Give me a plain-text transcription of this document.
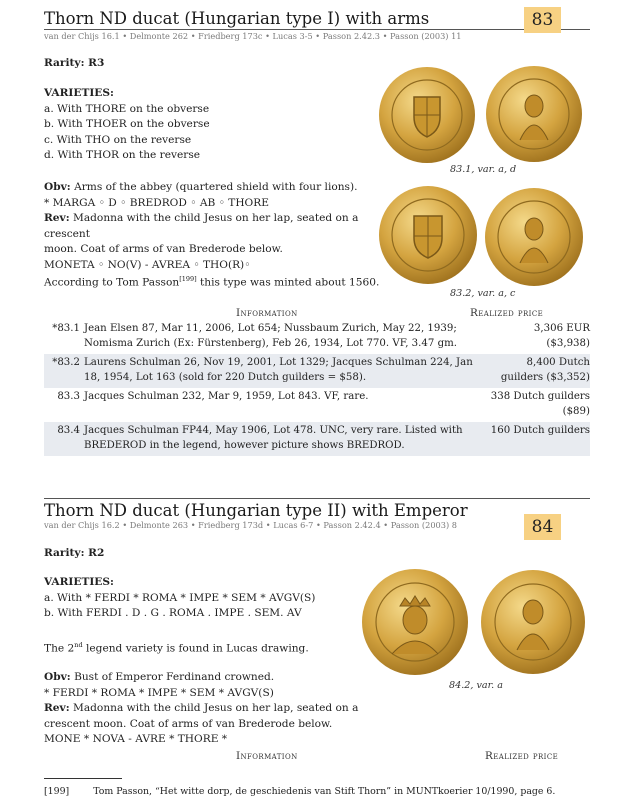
Thorn ND ducat (Hungarian type I) with arms
van der Chijs 16.1 • Delmonte 262 • Friedberg 173c • Lucas 3-5 • Passon 2.42.3 • Passon (2003) 11
83
Rarity: R3
VARIETIES:
a. With THORE on the obverse
b. With THOER on the obverse
c. With THO on the reverse
d. With THOR on the reverse
Obv: Arms of the abbey (quartered shield with four lions).
* MARGA ◦ D ◦ BREDROD ◦ AB ◦ THORE
Rev: Madonna with the child Jesus on her lap, seated on a crescent
moon. Coat of arms of van Brederode below.
MONETA ◦ NO(V) - AVREA ◦ THO(R)◦
According to Tom Passon[199] this type was minted about 1560.
83.1, var. a, d
83.2, var. a, c
Information	Realized price
*83.1	Jean Elsen 87, Mar 11, 2006, Lot 654; Nussbaum Zurich, May 22, 1939; Nomisma Zurich (Ex: Fürstenberg), Feb 26, 1934, Lot 770. VF, 3.47 gm.	3,306 EUR ($3,938)
*83.2	Laurens Schulman 26, Nov 19, 2001, Lot 1329; Jacques Schulman 224, Jan 18, 1954, Lot 163 (sold for 220 Dutch guilders = $58).	8,400 Dutch guilders ($3,352)
83.3	Jacques Schulman 232, Mar 9, 1959, Lot 843. VF, rare.	338 Dutch guilders ($89)
83.4	Jacques Schulman FP44, May 1906, Lot 478. UNC, very rare. Listed with BREDEROD in the legend, however picture shows BREDROD.	160 Dutch guilders
Thorn ND ducat (Hungarian type II) with Emperor
van der Chijs 16.2 • Delmonte 263 • Friedberg 173d • Lucas 6-7 • Passon 2.42.4 • Passon (2003) 8	84
Rarity: R2
VARIETIES:
a. With * FERDI * ROMA * IMPE * SEM * AVGV(S)
b. With FERDI . D . G . ROMA . IMPE . SEM. AV
The 2nd legend variety is found in Lucas drawing.
Obv: Bust of Emperor Ferdinand crowned.
* FERDI * ROMA * IMPE * SEM * AVGV(S)
Rev: Madonna with the child Jesus on her lap, seated on a
crescent moon. Coat of arms of van Brederode below.
MONE * NOVA - AVRE * THORE *
84.2, var. a
Information	Realized price
[199]	Tom Passon, “Het witte dorp, de geschiedenis van Stift Thorn” in MUNTkoerier 10/1990, page 6.
